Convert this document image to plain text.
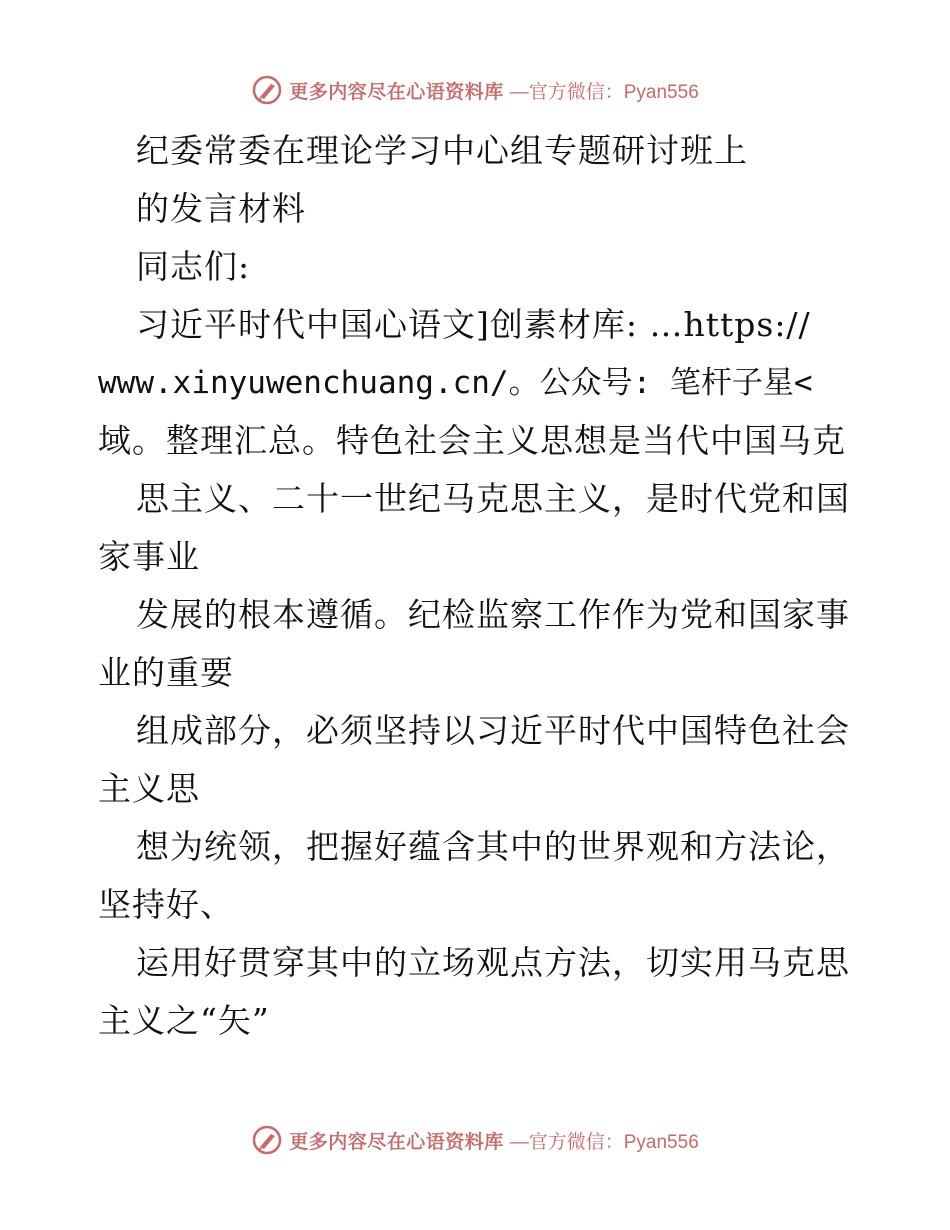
更多内容尽在心语资料库 —官方微信：Pyan556
纪委常委在理论学习中心组专题研讨班上
的发言材料
同志们:
习近平时代中国心语文]创素材库: …https://
www.xinyuwenchuang.cn/。公众号: 笔杆子星<
域。整理汇总。特色社会主义思想是当代中国马克
思主义、二十一世纪马克思主义，是时代党和国
家事业
发展的根本遵循。纪检监察工作作为党和国家事
业的重要
组成部分，必须坚持以习近平时代中国特色社会
主义思
想为统领，把握好蕴含其中的世界观和方法论，
坚持好、
运用好贯穿其中的立场观点方法，切实用马克思
主义之“矢”
更多内容尽在心语资料库 —官方微信：Pyan556
